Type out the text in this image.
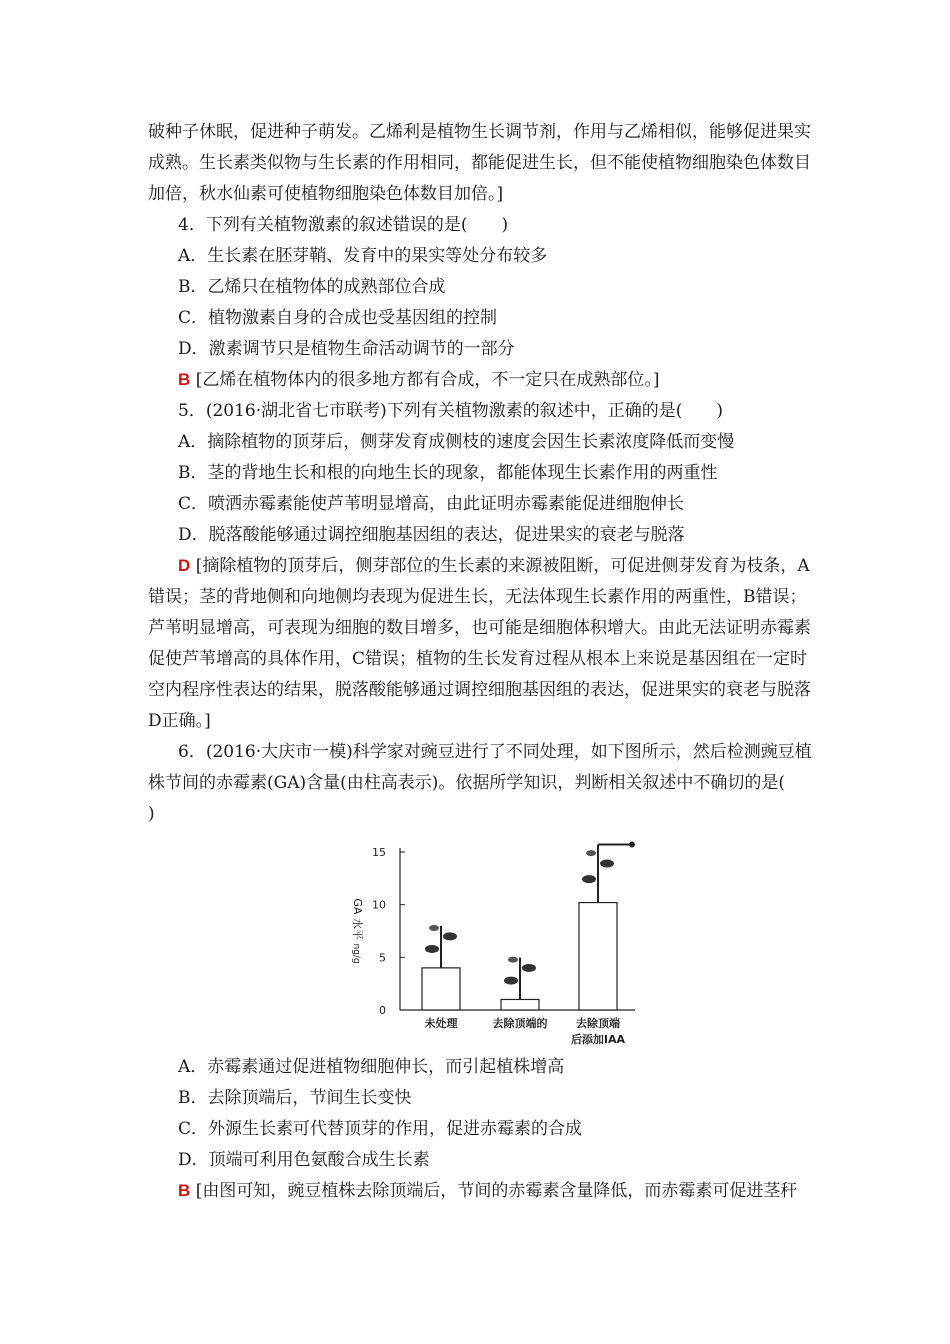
破种子休眠，促进种子萌发。乙烯利是植物生长调节剂，作用与乙烯相似，能够促进果实
成熟。生长素类似物与生长素的作用相同，都能促进生长，但不能使植物细胞染色体数目
加倍，秋水仙素可使植物细胞染色体数目加倍。]
4．下列有关植物激素的叙述错误的是(　　)
A．生长素在胚芽鞘、发育中的果实等处分布较多
B．乙烯只在植物体的成熟部位合成
C．植物激素自身的合成也受基因组的控制
D．激素调节只是植物生命活动调节的一部分
B [乙烯在植物体内的很多地方都有合成，不一定只在成熟部位。]
5．(2016·湖北省七市联考)下列有关植物激素的叙述中，正确的是(　　)
A．摘除植物的顶芽后，侧芽发育成侧枝的速度会因生长素浓度降低而变慢
B．茎的背地生长和根的向地生长的现象，都能体现生长素作用的两重性
C．喷洒赤霉素能使芦苇明显增高，由此证明赤霉素能促进细胞伸长
D．脱落酸能够通过调控细胞基因组的表达，促进果实的衰老与脱落
D [摘除植物的顶芽后，侧芽部位的生长素的来源被阻断，可促进侧芽发育为枝条，A
错误；茎的背地侧和向地侧均表现为促进生长，无法体现生长素作用的两重性，B错误；
芦苇明显增高，可表现为细胞的数目增多，也可能是细胞体积增大。由此无法证明赤霉素
促使芦苇增高的具体作用，C错误；植物的生长发育过程从根本上来说是基因组在一定时
空内程序性表达的结果，脱落酸能够通过调控细胞基因组的表达，促进果实的衰老与脱落
D正确。]
6．(2016·大庆市一模)科学家对豌豆进行了不同处理，如下图所示，然后检测豌豆植
株节间的赤霉素(GA)含量(由柱高表示)。依据所学知识，判断相关叙述中不确切的是(
)
15
10
5
0
GA 水平 ng/g
未处理	去除顶端的	去除顶端
后添加IAA
A．赤霉素通过促进植物细胞伸长，而引起植株增高
B．去除顶端后，节间生长变快
C．外源生长素可代替顶芽的作用，促进赤霉素的合成
D．顶端可利用色氨酸合成生长素
B [由图可知，豌豆植株去除顶端后，节间的赤霉素含量降低，而赤霉素可促进茎秆
